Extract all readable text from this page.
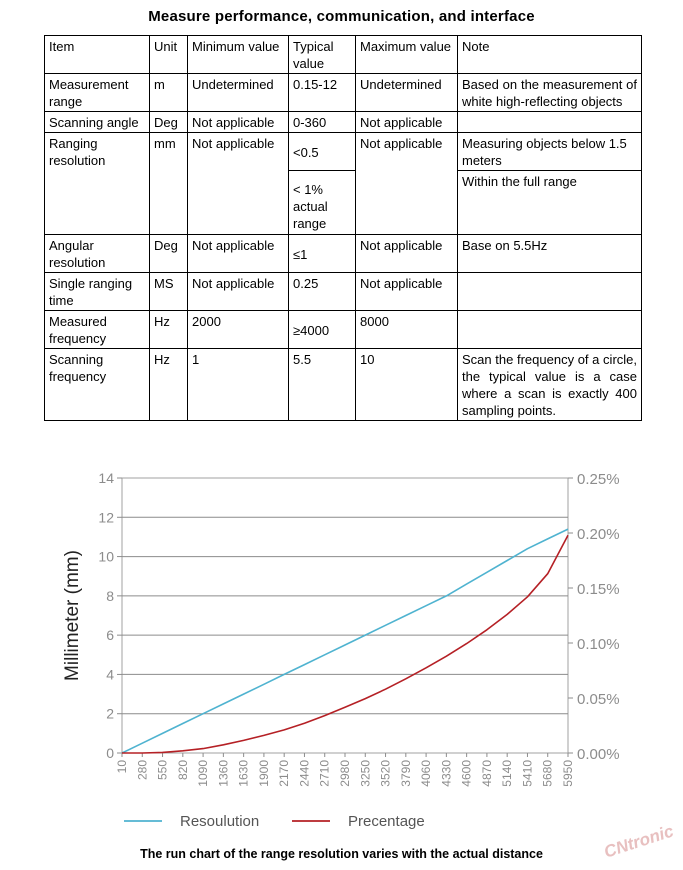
Measure performance, communication, and interface
Item	Unit	Minimum value	Typical value	Maximum value	Note
Measurement range	m	Undetermined	0.15-12	Undetermined	Based on the measurement of white high-reflecting objects
Scanning angle	Deg	Not applicable	0-360	Not applicable	
Ranging resolution	mm	Not applicable	<0.5	Not applicable	Measuring objects below 1.5 meters
			< 1% actual range		Within the full range
Angular resolution	Deg	Not applicable	≤1	Not applicable	Base on 5.5Hz
Single ranging time	MS	Not applicable	0.25	Not applicable	
Measured frequency	Hz	2000	≥4000	8000	
Scanning frequency	Hz	1	5.5	10	Scan the frequency of a circle, the typical value is a case where a scan is exactly 400 sampling points.
0
2
4
6
8
10
12
14
0.00%
0.05%
0.10%
0.15%
0.20%
0.25%
10 280 550 820 1090 1360 1630 1900 2170 2440 2710 2980 3250 3520 3790 4060 4330 4600 4870 5140 5410 5680 5950
Millimeter (mm)
Resoulution	Precentage
The run chart of the range resolution varies with the actual distance	CNtronic
